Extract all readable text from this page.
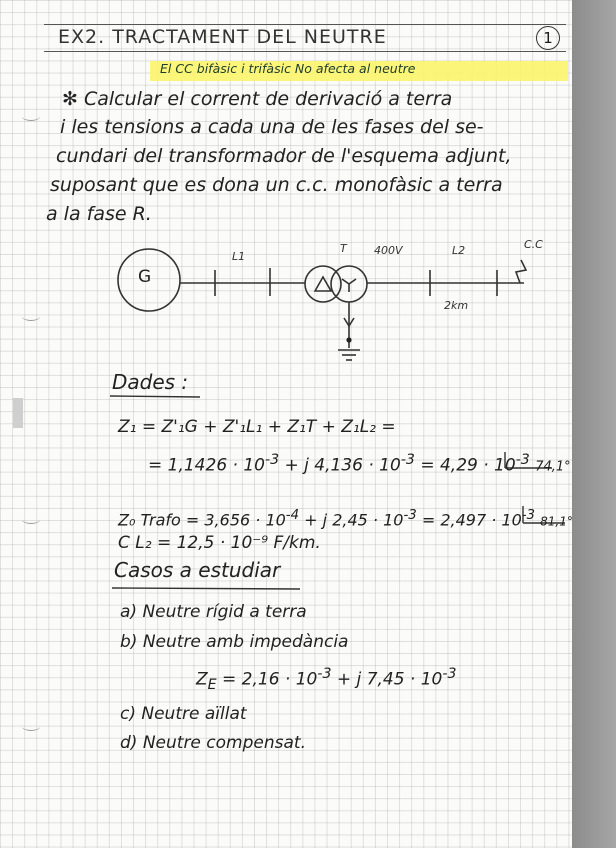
EX2. TRACTAMENT DEL NEUTRE	1
El CC bifàsic i trifàsic No afecta al neutre
✻ Calcular el corrent de derivació a terra
i les tensions a cada una de les fases del se-
cundari del transformador de l'esquema adjunt,
suposant que es dona un c.c. monofàsic a terra
a la fase R.
G
L1
T 400V	L2	C.C
2km
Dades :
Z₁ = Z'₁G + Z'₁L₁ + Z₁T + Z₁L₂ =
= $1,1426 \cdot 10^{-3} + j$ $4,136 \cdot 10^{-3} = 4,29 \cdot 10^{-3}$ 74,1°
Z₀ Trafo = $3,656 \cdot 10^{-4} + j$ $2,45 \cdot 10^{-3} = 2,497 \cdot 10^{-3}$ 81,1°
C L₂ = 12,5 · 10⁻⁹ F/km.
Casos a estudiar
a) Neutre rígid a terra
b) Neutre amb impedància
$Z_E = 2,16 \cdot 10^{-3} + j$ $7,45 \cdot 10^{-3}$
c) Neutre aïllat
d) Neutre compensat.
